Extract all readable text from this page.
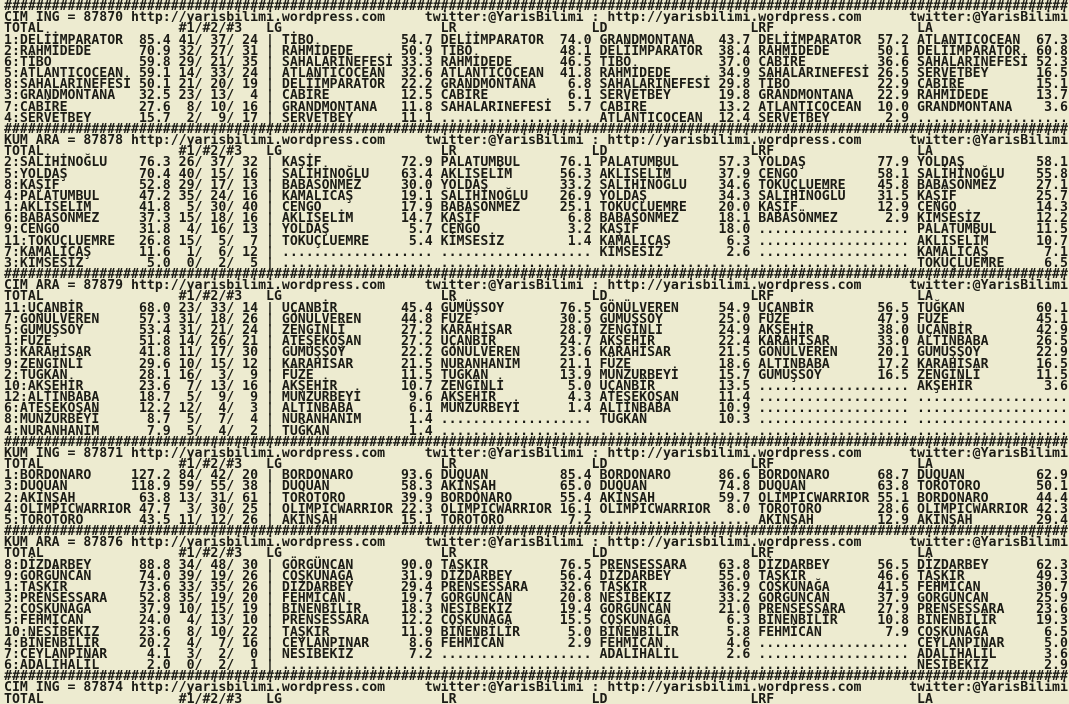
######################################################################################################################################
CIM ING = 87870 http://yarisbilimi.wordpress.com     twitter:@YarisBilimi : http://yarisbilimi.wordpress.com      twitter:@YarisBilimi
TOTAL                 #1/#2/#3   LG                    LR                 LD                  LRF                  LA
1:DELİİMPARATOR  85.4 41/ 37/ 24 | TİBO           54.7 DELİİMPARATOR  74.0 GRANDMONTANA   43.7 DELİİMPARATOR  57.2 ATLANTICOCEAN  67.3
2:RAHMİDEDE      70.9 32/ 27/ 31 | RAHMİDEDE      50.9 TİBO           48.1 DELİİMPARATOR  38.4 RAHMİDEDE      50.1 DELİİMPARATOR  60.8
6:TİBO           59.8 29/ 21/ 35 | SAHALARINEFESİ 33.3 RAHMİDEDE      46.5 TİBO           37.0 CABİRE         36.6 SAHALARINEFESİ 52.3
5:ATLANTICOCEAN  59.1 14/ 33/ 24 | ATLANTICOCEAN  32.6 ATLANTICOCEAN  41.8 RAHMİDEDE      34.9 SAHALARINEFESİ 26.5 SERVETBEY      16.5
8:SAHALARINEFESİ 50.1 21/ 20/ 19 | DELİİMPARATOR  22.2 GRANDMONTANA    6.8 SAHALARINEFESİ 29.8 TİBO           22.9 CABİRE         15.1
3:GRANDMONTANA   32.5 23/ 13/  4 | CABİRE         12.5 CABİRE          6.1 SERVETBEY      19.8 GRANDMONTANA   22.9 RAHMİDEDE      13.7
7:CABİRE         27.6  8/ 10/ 16 | GRANDMONTANA   11.8 SAHALARINEFESİ  5.7 CABİRE         13.2 ATLANTICOCEAN  10.0 GRANDMONTANA    3.6
4:SERVETBEY      15.7  2/  9/ 17 | SERVETBEY      11.1 ................... ATLANTICOCEAN  12.4 SERVETBEY       2.9 ...................
######################################################################################################################################
KUM ARA = 87878 http://yarisbilimi.wordpress.com     twitter:@YarisBilimi : http://yarisbilimi.wordpress.com      twitter:@YarisBilimi
TOTAL                 #1/#2/#3   LG                    LR                 LD                  LRF                  LA
2:SALİHİNOĞLU    76.3 26/ 37/ 32 | KAŞİF          72.9 PALATUMBUL     76.1 PALATUMBUL     57.3 YOLDAŞ         77.9 YOLDAŞ         58.1
5:YOLDAŞ         70.4 40/ 15/ 16 | SALİHİNOĞLU    63.4 AKLISELİM      56.3 AKLISELİM      37.9 CENGO          58.1 SALİHİNOĞLU    55.8
8:KAŞİF          52.8 29/ 17/ 13 | BABASÖNMEZ     30.0 YOLDAŞ         33.2 SALİHİNOĞLU    34.6 TOKUÇLUEMRE    45.8 BABASÖNMEZ     27.1
4:PALATUMBUL     47.2 35/ 24/ 16 | KAMALICAŞ      19.1 SALİHİNOĞLU    26.9 YOLDAŞ         34.3 SALİHİNOĞLU    31.5 KAŞİF          25.7
1:AKLISELİM      41.8  5/ 30/ 40 | CENGO          17.9 BABASÖNMEZ     25.1 TOKUÇLUEMRE    20.0 KAŞİF          12.9 CENGO          14.3
6:BABASÖNMEZ     37.3 15/ 18/ 16 | AKLISELİM      14.7 KAŞİF           6.8 BABASÖNMEZ     18.1 BABASÖNMEZ      2.9 KİMSESİZ       12.2
9:CENGO          31.8  4/ 16/ 13 | YOLDAŞ          5.7 CENGO           3.2 KAŞİF          18.0 ................... PALATUMBUL     11.5
11:TOKUÇLUEMRE   26.8 15/  5/  7 | TOKUÇLUEMRE     5.4 KİMSESİZ        1.4 KAMALICAŞ       6.3 ................... AKLISELİM      10.7
7:KAMALICAŞ      11.6  1/  6/ 12 | ................... ................... KİMSESİZ        2.6 ................... KAMALICAŞ       7.1
3:KİMSESİZ        5.0  0/  2/  5 | ................... ................... ................... ................... TOKUÇLUEMRE     6.5
######################################################################################################################################
CIM ARA = 87879 http://yarisbilimi.wordpress.com     twitter:@YarisBilimi : http://yarisbilimi.wordpress.com      twitter:@YarisBilimi
TOTAL                 #1/#2/#3   LG                    LR                 LD                  LRF                  LA
11:UÇANBİR       68.0 23/ 33/ 14 | UÇANBİR        45.4 GÜMÜŞSOY       76.5 GÖNÜLVEREN     54.9 UÇANBİR        56.5 TUĞKAN         60.1
7:GÖNÜLVEREN     57.3 31/ 18/ 26 | GÖNÜLVEREN     44.8 FÜZE           30.5 GÜMÜŞSOY       25.0 FÜZE           47.9 FÜZE           45.1
5:GÜMÜŞSOY       53.4 31/ 21/ 24 | ZENGİNLİ       27.2 KARAHİSAR      28.0 ZENGİNLİ       24.9 AKŞEHİR        38.0 UÇANBİR        42.9
1:FÜZE           51.8 14/ 26/ 21 | ATEŞEKOŞAN     27.2 UÇANBİR        24.7 AKŞEHİR        22.4 KARAHİSAR      33.0 ALTINBABA      26.5
3:KARAHİSAR      41.8 11/ 17/ 30 | GÜMÜŞSOY       22.2 GÖNÜLVEREN     23.6 KARAHİSAR      21.5 GÖNÜLVEREN     20.1 GÜMÜŞSOY       22.9
9:ZENGİNLİ       29.6 10/ 15/ 12 | KARAHİSAR      21.5 NURANHANIM     21.1 FÜZE           18.6 ALTINBABA      17.2 KARAHİSAR      16.5
2:TUĞKAN         28.1 16/  3/  9 | FÜZE           11.5 TUĞKAN         13.9 MUNZURBEYİ     15.7 GÜMÜŞSOY       16.5 ZENGİNLİ       11.5
10:AKŞEHİR       23.6  7/ 13/ 16 | AKŞEHİR        10.7 ZENGİNLİ        5.0 UÇANBİR        13.5 ................... AKŞEHİR         3.6
12:ALTINBABA     18.7  5/  9/  9 | MUNZURBEYİ      9.6 AKŞEHİR         4.3 ATEŞEKOŞAN     11.4 ................... ...................
6:ATEŞEKOŞAN     12.2 12/  4/  3 | ALTINBABA       6.1 MUNZURBEYİ      1.4 ALTINBABA      10.9 ................... ...................
8:MUNZURBEYİ      8.7  5/  7/  4 | NURANHANIM      1.4 ................... TUĞKAN         10.3 ................... ...................
4:NURANHANIM      7.9  5/  4/  2 | TUĞKAN          1.4 ................... ................... ................... ...................
######################################################################################################################################
KUM ING = 87871 http://yarisbilimi.wordpress.com     twitter:@YarisBilimi : http://yarisbilimi.wordpress.com      twitter:@YarisBilimi
TOTAL                 #1/#2/#3   LG                    LR                 LD                  LRF                  LA
1:BORDONARO     127.2 84/ 42/ 20 | BORDONARO      93.6 DUQUAN         85.4 BORDONARO      86.6 BORDONARO      68.7 DUQUAN         62.9
3:DUQUAN        118.9 59/ 55/ 38 | DUQUAN         58.3 AKINŞAH        65.0 DUQUAN         74.8 DUQUAN         63.8 TOROTORO       50.1
2:AKINŞAH        63.8 13/ 31/ 61 | TOROTORO       39.9 BORDONARO      55.4 AKINŞAH        59.7 OLIMPICWARRIOR 55.1 BORDONARO      44.4
4:OLIMPICWARRIOR 47.7  3/ 30/ 25 | OLIMPICWARRIOR 22.3 OLIMPICWARRIOR 16.1 OLIMPICWARRIOR  8.0 TOROTORO       28.6 OLIMPICWARRIOR 42.3
5:TOROTORO       43.5 11/ 12/ 26 | AKINŞAH        15.1 TOROTORO        7.2 ................... AKINŞAH        12.9 AKINŞAH        29.4
######################################################################################################################################
KUM ARA = 87876 http://yarisbilimi.wordpress.com     twitter:@YarisBilimi : http://yarisbilimi.wordpress.com      twitter:@YarisBilimi
TOTAL                 #1/#2/#3   LG                    LR                 LD                  LRF                  LA
8:DİZDARBEY      88.8 34/ 48/ 30 | GÖRGÜNCAN      90.0 TAŞKIR         76.5 PRENSESSARA    63.8 DİZDARBEY      56.5 DİZDARBEY      62.3
9:GÖRGÜNCAN      74.0 39/ 19/ 26 | COŞKUNAĞA      31.9 DİZDARBEY      56.4 DİZDARBEY      55.0 TAŞKIR         46.6 TAŞKIR         49.3
1:TAŞKIR         73.6 33/ 35/ 26 | DİZDARBEY      29.4 PRENSESSARA    32.6 TAŞKIR         36.9 COŞKUNAĞA      41.5 FEHMİCAN       30.7
3:PRENSESSARA    52.8 35/ 19/ 20 | FEHMİCAN       19.7 GÖRGÜNCAN      20.8 NESİBEKIZ      33.2 GÖRGÜNCAN      37.9 GÖRGÜNCAN      25.9
2:COŞKUNAĞA      37.9 10/ 15/ 19 | BİNENBİLİR     18.3 NESİBEKIZ      19.4 GÖRGÜNCAN      21.0 PRENSESSARA    27.9 PRENSESSARA    23.6
5:FEHMİCAN       24.0  4/ 13/ 10 | PRENSESSARA    12.2 COŞKUNAĞA      15.5 COŞKUNAĞA       6.3 BİNENBİLİR     10.8 BİNENBİLİR     19.3
10:NESİBEKIZ     23.6  8/ 10/ 22 | TAŞKIR         11.9 BİNENBİLİR      5.0 BİNENBİLİR      5.8 FEHMİCAN        7.9 COŞKUNAĞA       6.5
4:BİNENBİLİR     20.2  4/  7/ 16 | CEYLANPINAR     8.6 FEHMİCAN        2.9 FEHMİCAN        4.6 ................... CEYLANPINAR     5.0
7:CEYLANPINAR     4.1  3/  2/  0 | NESİBEKIZ       7.2 ................... ADALIHALİL      2.6 ................... ADALIHALİL      3.6
6:ADALIHALİL      2.0  0/  2/  1 | ................... ................... ................... ................... NESİBEKIZ       2.9
######################################################################################################################################
CIM ING = 87874 http://yarisbilimi.wordpress.com     twitter:@YarisBilimi : http://yarisbilimi.wordpress.com      twitter:@YarisBilimi
TOTAL                 #1/#2/#3   LG                    LR                 LD                  LRF                  LA
